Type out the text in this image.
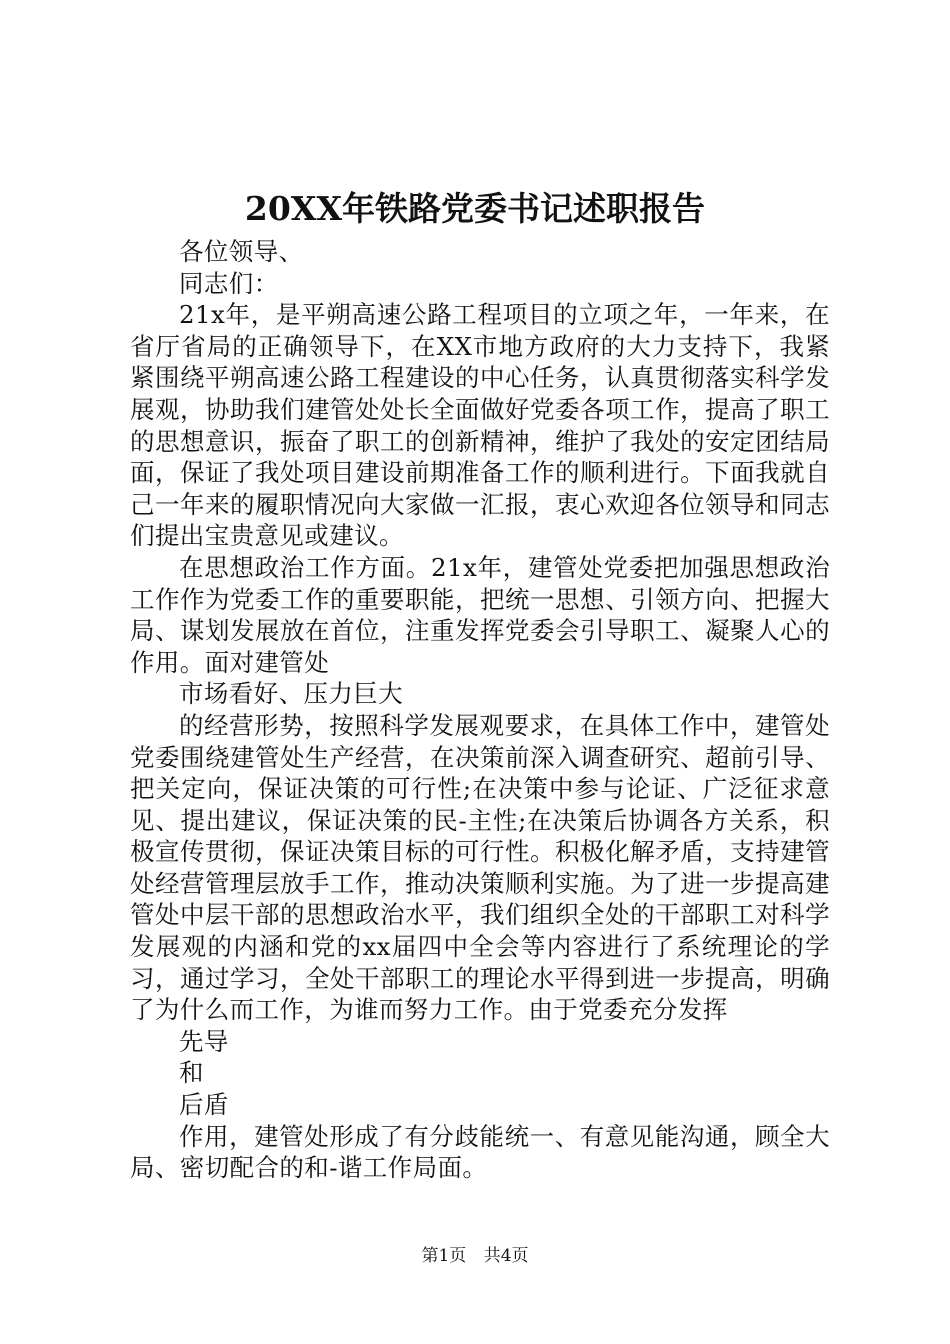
20XX年铁路党委书记述职报告

各位领导、

同志们：

21x年，是平朔高速公路工程项目的立项之年，一年来，在省厅省局的正确领导下，在XX市地方政府的大力支持下，我紧紧围绕平朔高速公路工程建设的中心任务，认真贯彻落实科学发展观，协助我们建管处处长全面做好党委各项工作，提高了职工的思想意识，振奋了职工的创新精神，维护了我处的安定团结局面，保证了我处项目建设前期准备工作的顺利进行。下面我就自己一年来的履职情况向大家做一汇报，衷心欢迎各位领导和同志们提出宝贵意见或建议。

在思想政治工作方面。21x年，建管处党委把加强思想政治工作作为党委工作的重要职能，把统一思想、引领方向、把握大局、谋划发展放在首位，注重发挥党委会引导职工、凝聚人心的作用。面对建管处

市场看好、压力巨大

的经营形势，按照科学发展观要求，在具体工作中，建管处党委围绕建管处生产经营，在决策前深入调查研究、超前引导、把关定向，保证决策的可行性;在决策中参与论证、广泛征求意见、提出建议，保证决策的民-主性;在决策后协调各方关系，积极宣传贯彻，保证决策目标的可行性。积极化解矛盾，支持建管处经营管理层放手工作，推动决策顺利实施。为了进一步提高建管处中层干部的思想政治水平，我们组织全处的干部职工对科学发展观的内涵和党的xx届四中全会等内容进行了系统理论的学习，通过学习，全处干部职工的理论水平得到进一步提高，明确了为什么而工作，为谁而努力工作。由于党委充分发挥

先导

和

后盾

作用，建管处形成了有分歧能统一、有意见能沟通，顾全大局、密切配合的和-谐工作局面。

第1页 共4页
